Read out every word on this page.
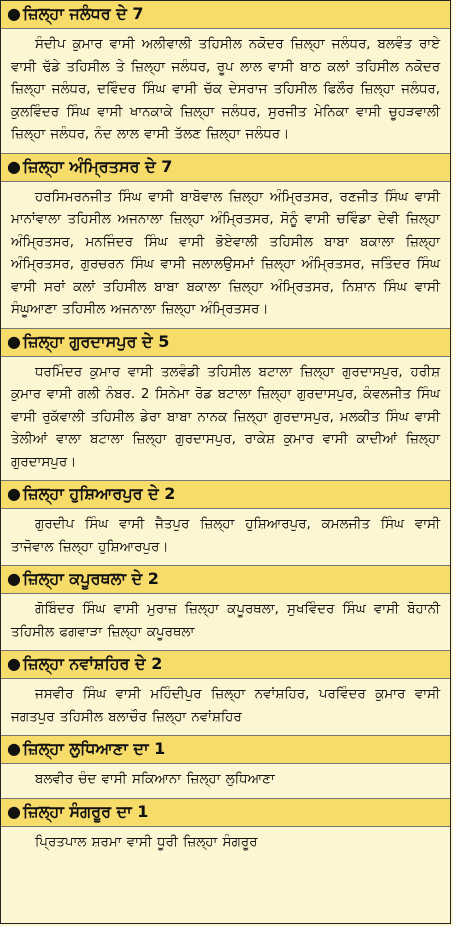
● ਜ਼ਿਲ੍ਹਾ ਜਲੰਧਰ ਦੇ 7
ਸੰਦੀਪ ਕੁਮਾਰ ਵਾਸੀ ਅਲੀਵਾਲੀ ਤਹਿਸੀਲ ਨਕੋਦਰ ਜ਼ਿਲ੍ਹਾ ਜਲੰਧਰ, ਬਲਵੰਤ ਰਾਏ ਵਾਸੀ ਢੱਡੇ ਤਹਿਸੀਲ ਤੇ ਜ਼ਿਲ੍ਹਾ ਜਲੰਧਰ, ਰੂਪ ਲਾਲ ਵਾਸੀ ਬਾਠ ਕਲਾਂ ਤਹਿਸੀਲ ਨਕੋਦਰ ਜ਼ਿਲ੍ਹਾ ਜਲੰਧਰ, ਦਵਿੰਦਰ ਸਿੰਘ ਵਾਸੀ ਚੱਕ ਦੇਸਰਾਜ ਤਹਿਸੀਲ ਫਿਲੌਰ ਜ਼ਿਲ੍ਹਾ ਜਲੰਧਰ, ਕੁਲਵਿੰਦਰ ਸਿੰਘ ਵਾਸੀ ਖਾਨਕਾਕੇ ਜ਼ਿਲ੍ਹਾ ਜਲੰਧਰ, ਸੁਰਜੀਤ ਮੇਨਿਕਾ ਵਾਸੀ ਚੂਹੜਵਾਲੀ ਜ਼ਿਲ੍ਹਾ ਜਲੰਧਰ, ਨੰਦ ਲਾਲ ਵਾਸੀ ਤੱਲਣ ਜ਼ਿਲ੍ਹਾ ਜਲੰਧਰ।
● ਜ਼ਿਲ੍ਹਾ ਅੰਮ੍ਰਿਤਸਰ ਦੇ 7
ਹਰਸਿਮਰਨਜੀਤ ਸਿੰਘ ਵਾਸੀ ਬਾਬੋਵਾਲ ਜ਼ਿਲ੍ਹਾ ਅੰਮ੍ਰਿਤਸਰ, ਰਣਜੀਤ ਸਿੰਘ ਵਾਸੀ ਮਾਨਾਂਵਾਲਾ ਤਹਿਸੀਲ ਅਜਨਾਲਾ ਜ਼ਿਲ੍ਹਾ ਅੰਮ੍ਰਿਤਸਰ, ਸੋਨੂੰ ਵਾਸੀ ਚਵਿੰਡਾ ਦੇਵੀ ਜ਼ਿਲ੍ਹਾ ਅੰਮ੍ਰਿਤਸਰ, ਮਨਜਿੰਦਰ ਸਿੰਘ ਵਾਸੀ ਭੋਏਵਾਲੀ ਤਹਿਸੀਲ ਬਾਬਾ ਬਕਾਲਾ ਜ਼ਿਲ੍ਹਾ ਅੰਮ੍ਰਿਤਸਰ, ਗੁਰਚਰਨ ਸਿੰਘ ਵਾਸੀ ਜਲਾਲਉਸਮਾਂ ਜ਼ਿਲ੍ਹਾ ਅੰਮ੍ਰਿਤਸਰ, ਜਤਿੰਦਰ ਸਿੰਘ ਵਾਸੀ ਸਰਾਂ ਕਲਾਂ ਤਹਿਸੀਲ ਬਾਬਾ ਬਕਾਲਾ ਜ਼ਿਲ੍ਹਾ ਅੰਮ੍ਰਿਤਸਰ, ਨਿਸ਼ਾਨ ਸਿੰਘ ਵਾਸੀ ਸੰਘੂਆਣਾ ਤਹਿਸੀਲ ਅਜਨਾਲਾ ਜ਼ਿਲ੍ਹਾ ਅੰਮ੍ਰਿਤਸਰ।
● ਜ਼ਿਲ੍ਹਾ ਗੁਰਦਾਸਪੁਰ ਦੇ 5
ਧਰਮਿੰਦਰ ਕੁਮਾਰ ਵਾਸੀ ਤਲਵੰਡੀ ਤਹਿਸੀਲ ਬਟਾਲਾ ਜ਼ਿਲ੍ਹਾ ਗੁਰਦਾਸਪੁਰ, ਹਰੀਸ਼ ਕੁਮਾਰ ਵਾਸੀ ਗਲੀ ਨੰਬਰ. 2 ਸਿਨੇਮਾ ਰੋਡ ਬਟਾਲਾ ਜ਼ਿਲ੍ਹਾ ਗੁਰਦਾਸਪੁਰ, ਕੰਵਲਜੀਤ ਸਿੰਘ ਵਾਸੀ ਰੁਕੱਵਾਲੀ ਤਹਿਸੀਲ ਡੇਰਾ ਬਾਬਾ ਨਾਨਕ ਜ਼ਿਲ੍ਹਾ ਗੁਰਦਾਸਪੁਰ, ਮਲਕੀਤ ਸਿੰਘ ਵਾਸੀ ਤੇਲੀਆਂ ਵਾਲਾ ਬਟਾਲਾ ਜ਼ਿਲ੍ਹਾ ਗੁਰਦਾਸਪੁਰ, ਰਾਕੇਸ਼ ਕੁਮਾਰ ਵਾਸੀ ਕਾਦੀਆਂ ਜ਼ਿਲ੍ਹਾ ਗੁਰਦਾਸਪੁਰ।
● ਜ਼ਿਲ੍ਹਾ ਹੁਸ਼ਿਆਰਪੁਰ ਦੇ 2
ਗੁਰਦੀਪ ਸਿੰਘ ਵਾਸੀ ਜੈਤਪੁਰ ਜ਼ਿਲ੍ਹਾ ਹੁਸ਼ਿਆਰਪੁਰ, ਕਮਲਜੀਤ ਸਿੰਘ ਵਾਸੀ ਤਾਜੋਵਾਲ ਜ਼ਿਲ੍ਹਾ ਹੁਸ਼ਿਆਰਪੁਰ।
● ਜ਼ਿਲ੍ਹਾ ਕਪੂਰਥਲਾ ਦੇ 2
ਗੋਬਿੰਦਰ ਸਿੰਘ ਵਾਸੀ ਮੁਰਾਜ਼ ਜ਼ਿਲ੍ਹਾ ਕਪੂਰਥਲਾ, ਸੁਖਵਿੰਦਰ ਸਿੰਘ ਵਾਸੀ ਬੋਹਾਨੀ ਤਹਿਸੀਲ ਫਗਵਾੜਾ ਜ਼ਿਲ੍ਹਾ ਕਪੂਰਥਲਾ
● ਜ਼ਿਲ੍ਹਾ ਨਵਾਂਸ਼ਹਿਰ ਦੇ 2
ਜਸਵੀਰ ਸਿੰਘ ਵਾਸੀ ਮਹਿੰਦੀਪੁਰ ਜ਼ਿਲ੍ਹਾ ਨਵਾਂਸ਼ਹਿਰ, ਪਰਵਿੰਦਰ ਕੁਮਾਰ ਵਾਸੀ ਜਗਤਪੁਰ ਤਹਿਸੀਲ ਬਲਾਚੌਰ ਜ਼ਿਲ੍ਹਾ ਨਵਾਂਸ਼ਹਿਰ
● ਜ਼ਿਲ੍ਹਾ ਲੁਧਿਆਣਾ ਦਾ 1
ਬਲਵੀਰ ਚੰਦ ਵਾਸੀ ਸਕਿਆਨਾ ਜ਼ਿਲ੍ਹਾ ਲੁਧਿਆਣਾ
● ਜ਼ਿਲ੍ਹਾ ਸੰਗਰੂਰ ਦਾ 1
ਪ੍ਰਿਤਪਾਲ ਸ਼ਰਮਾ ਵਾਸੀ ਧੂਰੀ ਜ਼ਿਲ੍ਹਾ ਸੰਗਰੂਰ
